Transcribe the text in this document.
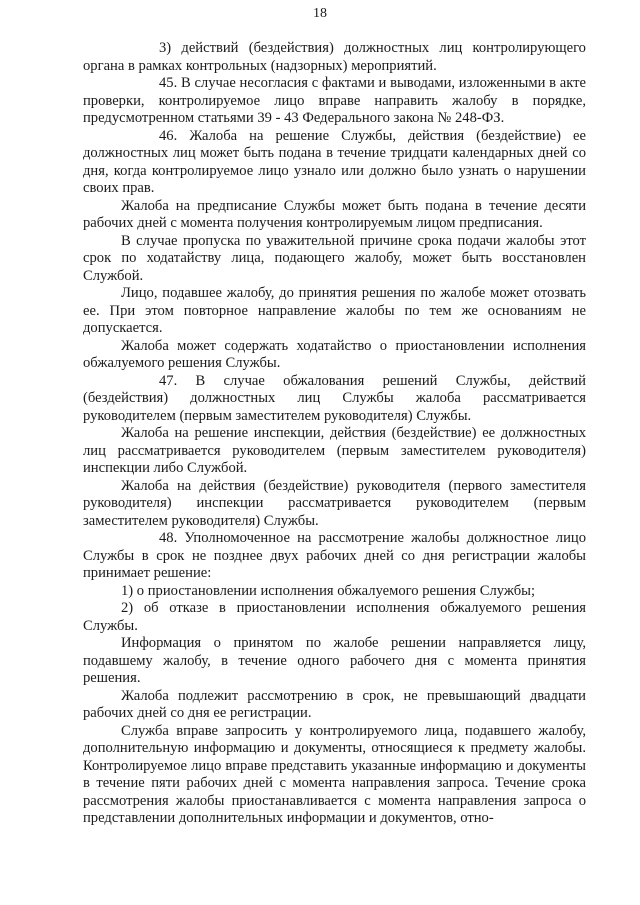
18

3) действий (бездействия) должностных лиц контролирующего органа в рамках контрольных (надзорных) мероприятий.

45. В случае несогласия с фактами и выводами, изложенными в акте проверки, контролируемое лицо вправе направить жалобу в порядке, предусмотренном статьями 39 - 43 Федерального закона № 248-ФЗ.

46. Жалоба на решение Службы, действия (бездействие) ее должностных лиц может быть подана в течение тридцати календарных дней со дня, когда контролируемое лицо узнало или должно было узнать о нарушении своих прав.

Жалоба на предписание Службы может быть подана в течение десяти рабочих дней с момента получения контролируемым лицом предписания.

В случае пропуска по уважительной причине срока подачи жалобы этот срок по ходатайству лица, подающего жалобу, может быть восстановлен Службой.

Лицо, подавшее жалобу, до принятия решения по жалобе может отозвать ее. При этом повторное направление жалобы по тем же основаниям не допускается.

Жалоба может содержать ходатайство о приостановлении исполнения обжалуемого решения Службы.

47. В случае обжалования решений Службы, действий (бездействия) должностных лиц Службы жалоба рассматривается руководителем (первым заместителем руководителя) Службы.

Жалоба на решение инспекции, действия (бездействие) ее должностных лиц рассматривается руководителем (первым заместителем руководителя) инспекции либо Службой.

Жалоба на действия (бездействие) руководителя (первого заместителя руководителя) инспекции рассматривается руководителем (первым заместителем руководителя) Службы.

48. Уполномоченное на рассмотрение жалобы должностное лицо Службы в срок не позднее двух рабочих дней со дня регистрации жалобы принимает решение:

1) о приостановлении исполнения обжалуемого решения Службы;

2) об отказе в приостановлении исполнения обжалуемого решения Службы.

Информация о принятом по жалобе решении направляется лицу, подавшему жалобу, в течение одного рабочего дня с момента принятия решения.

Жалоба подлежит рассмотрению в срок, не превышающий двадцати рабочих дней со дня ее регистрации.

Служба вправе запросить у контролируемого лица, подавшего жалобу, дополнительную информацию и документы, относящиеся к предмету жалобы. Контролируемое лицо вправе представить указанные информацию и документы в течение пяти рабочих дней с момента направления запроса. Течение срока рассмотрения жалобы приостанавливается с момента направления запроса о представлении дополнительных информации и документов, отно-
